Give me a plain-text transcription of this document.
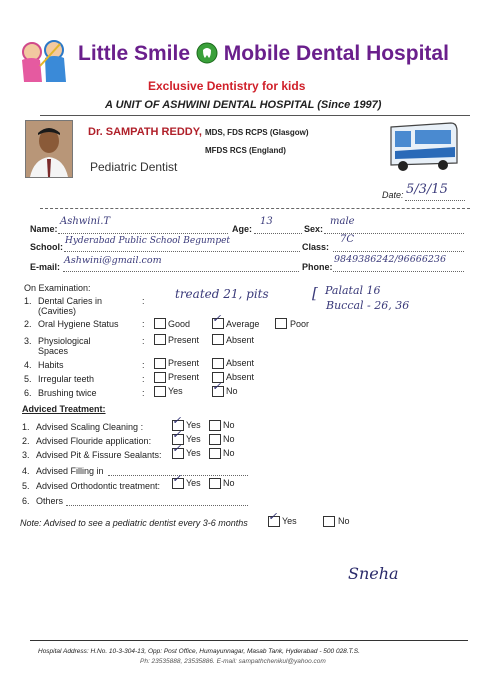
Little Smile Mobile Dental Hospital
Exclusive Dentistry for kids
A UNIT OF ASHWINI DENTAL HOSPITAL (Since 1997)
Dr. SAMPATH REDDY, MDS, FDS RCPS (Glasgow)
MFDS RCS (England)
Pediatric Dentist
Date: 5/3/15
Name:
Ashwini.T
Age:
13
Sex:
male
School:
Hyderabad Public School Begumpet
Class:
7C
E-mail:
Ashwini@gmail.com
Phone:
9849386242/96666236
On Examination:
1. Dental Caries in
(Cavities)
:	treated 21, pits	[ Palatal 16
Buccal - 26, 36
2. Oral Hygiene Status	:	Good ✓ Average	Poor
3. Physiological
Spaces
:	Present	Absent
4. Habits	:	Present	Absent
5. Irregular teeth	:	Present	Absent
6. Brushing twice	:	Yes	✓ No
Adviced Treatment:
1. Advised Scaling Cleaning :	✓ Yes No
2. Advised Flouride application: ✓ Yes No
3. Advised Pit & Fissure Sealants: ✓ Yes No
4. Advised Filling in
5. Advised Orthodontic treatment:
✓ Yes No
6. Others
Note: Advised to see a pediatric dentist every 3-6 months ✓ Yes	No
Sneha
Hospital Address: H.No. 10-3-304-13, Opp: Post Office, Humayunnagar, Masab Tank, Hyderabad - 500 028.T.S.
Ph: 23535888, 23535886. E-mail: sampathchenikul@yahoo.com
